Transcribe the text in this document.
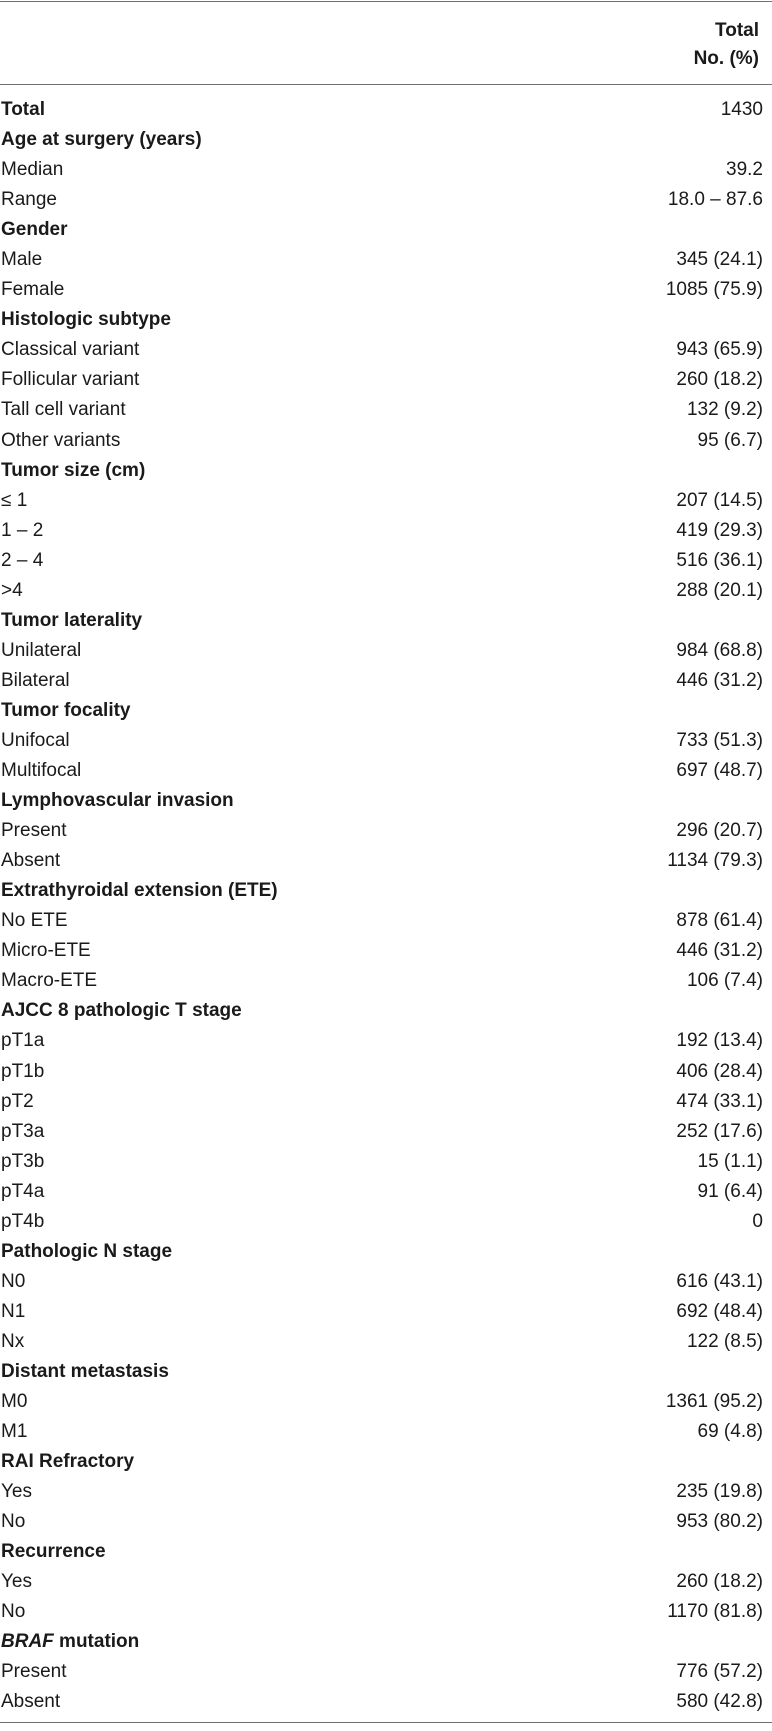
Total
No. (%)
Total	1430
Age at surgery (years)
Median	39.2
Range	18.0 – 87.6
Gender
Male	345 (24.1)
Female	1085 (75.9)
Histologic subtype
Classical variant	943 (65.9)
Follicular variant	260 (18.2)
Tall cell variant	132 (9.2)
Other variants	95 (6.7)
Tumor size (cm)
≤ 1	207 (14.5)
1 – 2	419 (29.3)
2 – 4	516 (36.1)
>4	288 (20.1)
Tumor laterality
Unilateral	984 (68.8)
Bilateral	446 (31.2)
Tumor focality
Unifocal	733 (51.3)
Multifocal	697 (48.7)
Lymphovascular invasion
Present	296 (20.7)
Absent	1134 (79.3)
Extrathyroidal extension (ETE)
No ETE	878 (61.4)
Micro-ETE	446 (31.2)
Macro-ETE	106 (7.4)
AJCC 8 pathologic T stage
pT1a	192 (13.4)
pT1b	406 (28.4)
pT2	474 (33.1)
pT3a	252 (17.6)
pT3b	15 (1.1)
pT4a	91 (6.4)
pT4b	0
Pathologic N stage
N0	616 (43.1)
N1	692 (48.4)
Nx	122 (8.5)
Distant metastasis
M0	1361 (95.2)
M1	69 (4.8)
RAI Refractory
Yes	235 (19.8)
No	953 (80.2)
Recurrence
Yes	260 (18.2)
No	1170 (81.8)
BRAF mutation
Present	776 (57.2)
Absent	580 (42.8)
